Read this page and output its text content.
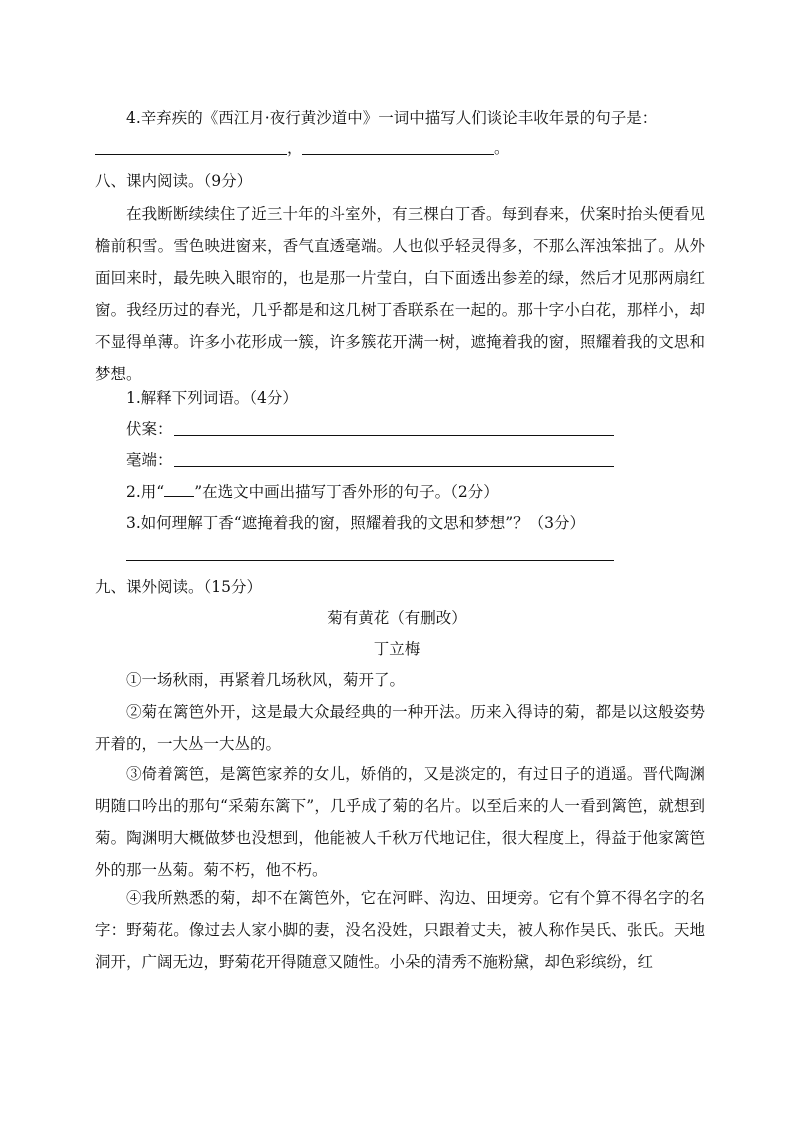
4.辛弃疾的《西江月·夜行黄沙道中》一词中描写人们谈论丰收年景的句子是：
，	。
八、课内阅读。（9分）
在我断断续续住了近三十年的斗室外，有三棵白丁香。每到春来，伏案时抬头便看见檐前积雪。雪色映进窗来，香气直透毫端。人也似乎轻灵得多，不那么浑浊笨拙了。从外面回来时，最先映入眼帘的，也是那一片莹白，白下面透出参差的绿，然后才见那两扇红窗。我经历过的春光，几乎都是和这几树丁香联系在一起的。那十字小白花，那样小，却不显得单薄。许多小花形成一簇，许多簇花开满一树，遮掩着我的窗，照耀着我的文思和梦想。
1.解释下列词语。（4分）
伏案：
毫端：
2.用“ ”在选文中画出描写丁香外形的句子。（2分）
3.如何理解丁香“遮掩着我的窗，照耀着我的文思和梦想”？（3分）
九、课外阅读。（15分）
菊有黄花（有删改）
丁立梅
①一场秋雨，再紧着几场秋风，菊开了。
②菊在篱笆外开，这是最大众最经典的一种开法。历来入得诗的菊，都是以这般姿势开着的，一大丛一大丛的。
③倚着篱笆，是篱笆家养的女儿，娇俏的，又是淡定的，有过日子的逍遥。晋代陶渊明随口吟出的那句“采菊东篱下”，几乎成了菊的名片。以至后来的人一看到篱笆，就想到菊。陶渊明大概做梦也没想到，他能被人千秋万代地记住，很大程度上，得益于他家篱笆外的那一丛菊。菊不朽，他不朽。
④我所熟悉的菊，却不在篱笆外，它在河畔、沟边、田埂旁。它有个算不得名字的名字：野菊花。像过去人家小脚的妻，没名没姓，只跟着丈夫，被人称作吴氏、张氏。天地洞开，广阔无边，野菊花开得随意又随性。小朵的清秀不施粉黛，却色彩缤纷，红
